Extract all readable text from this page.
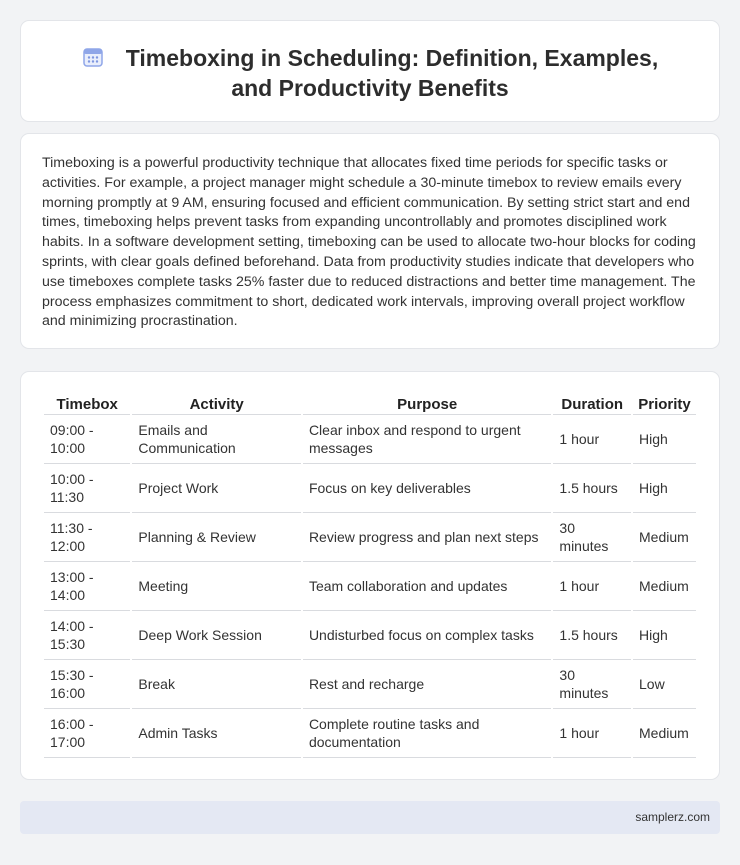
Timeboxing in Scheduling: Definition, Examples, and Productivity Benefits

Timeboxing is a powerful productivity technique that allocates fixed time periods for specific tasks or activities. For example, a project manager might schedule a 30-minute timebox to review emails every morning promptly at 9 AM, ensuring focused and efficient communication. By setting strict start and end times, timeboxing helps prevent tasks from expanding uncontrollably and promotes disciplined work habits. In a software development setting, timeboxing can be used to allocate two-hour blocks for coding sprints, with clear goals defined beforehand. Data from productivity studies indicate that developers who use timeboxes complete tasks 25% faster due to reduced distractions and better time management. The process emphasizes commitment to short, dedicated work intervals, improving overall project workflow and minimizing procrastination.

Timebox	Activity	Purpose	Duration	Priority
09:00 - 10:00	Emails and Communication	Clear inbox and respond to urgent messages	1 hour	High
10:00 - 11:30	Project Work	Focus on key deliverables	1.5 hours	High
11:30 - 12:00	Planning & Review	Review progress and plan next steps	30 minutes	Medium
13:00 - 14:00	Meeting	Team collaboration and updates	1 hour	Medium
14:00 - 15:30	Deep Work Session	Undisturbed focus on complex tasks	1.5 hours	High
15:30 - 16:00	Break	Rest and recharge	30 minutes	Low
16:00 - 17:00	Admin Tasks	Complete routine tasks and documentation	1 hour	Medium
samplerz.com
